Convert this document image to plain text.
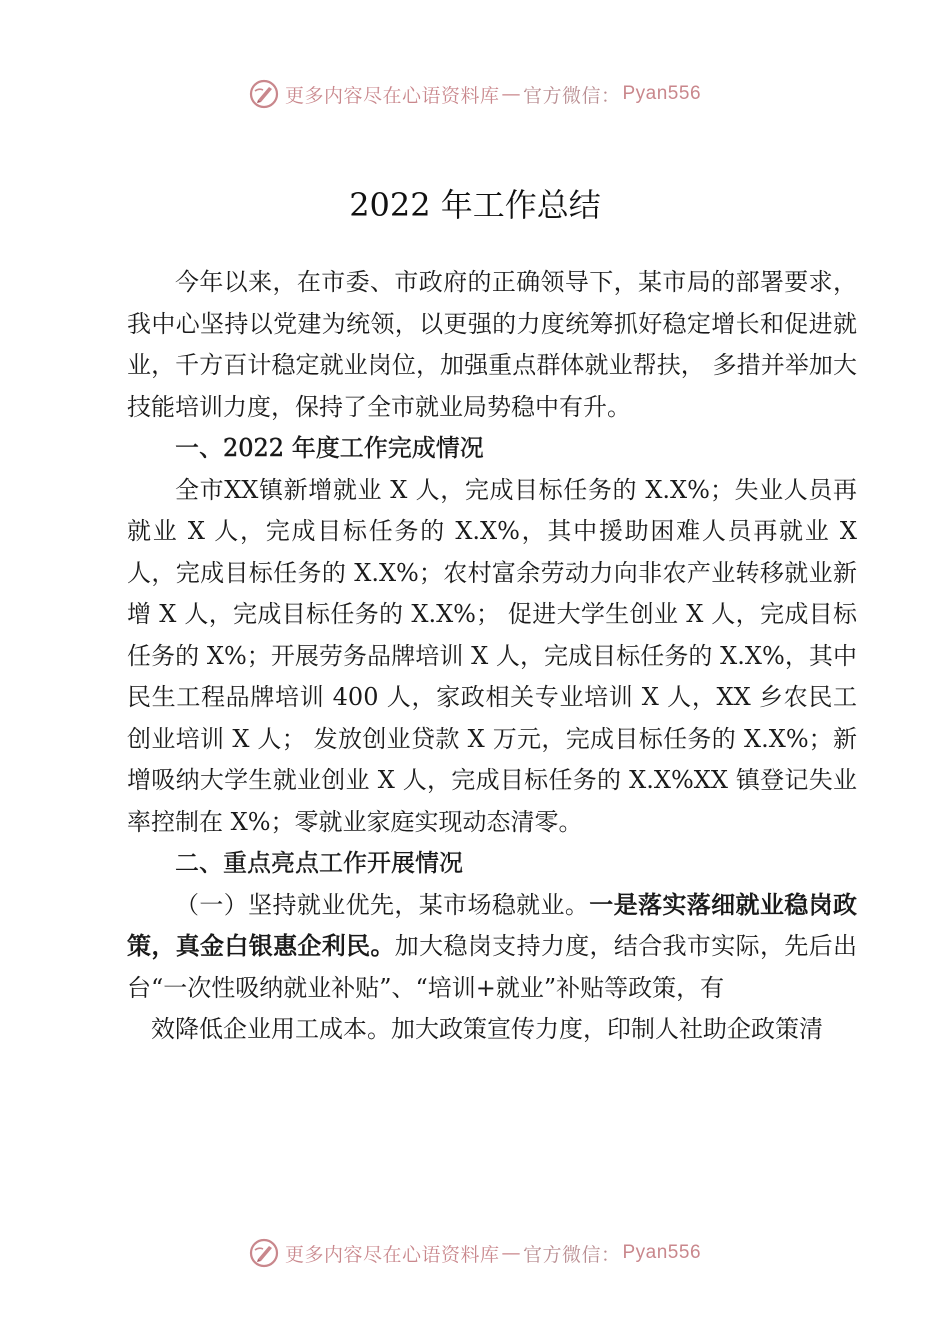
更多内容尽在心语资料库 — 官方微信： Pyan556
2022 年工作总结

今年以来，在市委、市政府的正确领导下，某市局的部署要求，我中心坚持以党建为统领，以更强的力度统筹抓好稳定增长和促进就业，千方百计稳定就业岗位，加强重点群体就业帮扶， 多措并举加大技能培训力度，保持了全市就业局势稳中有升。

一、2022 年度工作完成情况

全市XX镇新增就业 X 人，完成目标任务的 X.X%；失业人员再就业 X 人，完成目标任务的 X.X%，其中援助困难人员再就业 X 人，完成目标任务的 X.X%；农村富余劳动力向非农产业转移就业新增 X 人，完成目标任务的 X.X%； 促进大学生创业 X 人，完成目标任务的 X%；开展劳务品牌培训 X 人，完成目标任务的 X.X%，其中民生工程品牌培训 400 人，家政相关专业培训 X 人，XX 乡农民工创业培训 X 人； 发放创业贷款 X 万元，完成目标任务的 X.X%；新增吸纳大学生就业创业 X 人，完成目标任务的 X.X%XX 镇登记失业率控制在 X%；零就业家庭实现动态清零。

二、重点亮点工作开展情况

（一）坚持就业优先，某市场稳就业。一是落实落细就业稳岗政策，真金白银惠企利民。加大稳岗支持力度，结合我市实际，先后出台“一次性吸纳就业补贴”、“培训+就业”补贴等政策，有

效降低企业用工成本。加大政策宣传力度，印制人社助企政策清

更多内容尽在心语资料库 — 官方微信： Pyan556
